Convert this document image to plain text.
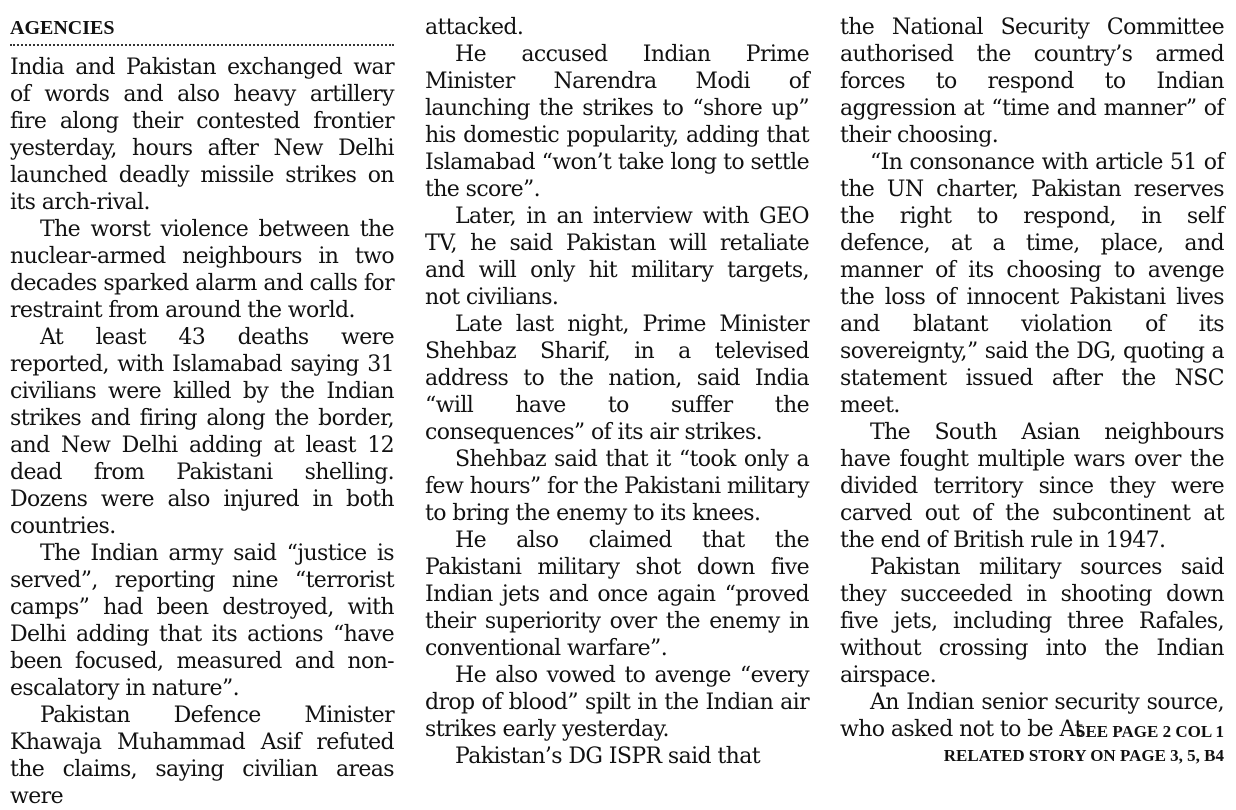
AGENCIES

India and Pakistan exchanged war of words and also heavy artillery fire along their contested frontier yesterday, hours after New Delhi launched deadly missile strikes on its arch-rival.

The worst violence between the nuclear-armed neighbours in two decades sparked alarm and calls for restraint from around the world.

At least 43 deaths were reported, with Islamabad saying 31 civilians were killed by the Indian strikes and firing along the border, and New Delhi adding at least 12 dead from Pakistani shelling. Dozens were also injured in both countries.

The Indian army said “justice is served”, reporting nine “terrorist camps” had been destroyed, with Delhi adding that its actions “have been focused, measured and non-escalatory in nature”.

Pakistan Defence Minister Khawaja Muhammad Asif refuted the claims, saying civilian areas were

attacked.

He accused Indian Prime Minister Narendra Modi of launching the strikes to “shore up” his domestic popularity, adding that Islamabad “won’t take long to settle the score”.

Later, in an interview with GEO TV, he said Pakistan will retaliate and will only hit military targets, not civilians.

Late last night, Prime Minister Shehbaz Sharif, in a televised address to the nation, said India “will have to suffer the consequences” of its air strikes.

Shehbaz said that it “took only a few hours” for the Pakistani military to bring the enemy to its knees.

He also claimed that the Pakistani military shot down five Indian jets and once again “proved their superiority over the enemy in conventional warfare”.

He also vowed to avenge “every drop of blood” spilt in the Indian air strikes early yesterday.

Pakistan’s DG ISPR said that

the National Security Committee authorised the country’s armed forces to respond to Indian aggression at “time and manner” of their choosing.

“In consonance with article 51 of the UN charter, Pakistan reserves the right to respond, in self defence, at a time, place, and manner of its choosing to avenge the loss of innocent Pakistani lives and blatant violation of its sovereignty,” said the DG, quoting a statement issued after the NSC meet.

The South Asian neighbours have fought multiple wars over the divided territory since they were carved out of the subcontinent at the end of British rule in 1947.

Pakistan military sources said they succeeded in shooting down five jets, including three Rafales, without crossing into the Indian airspace.

An Indian senior security source, who asked not to be At

SEE PAGE 2 COL 1
RELATED STORY ON PAGE 3, 5, B4
